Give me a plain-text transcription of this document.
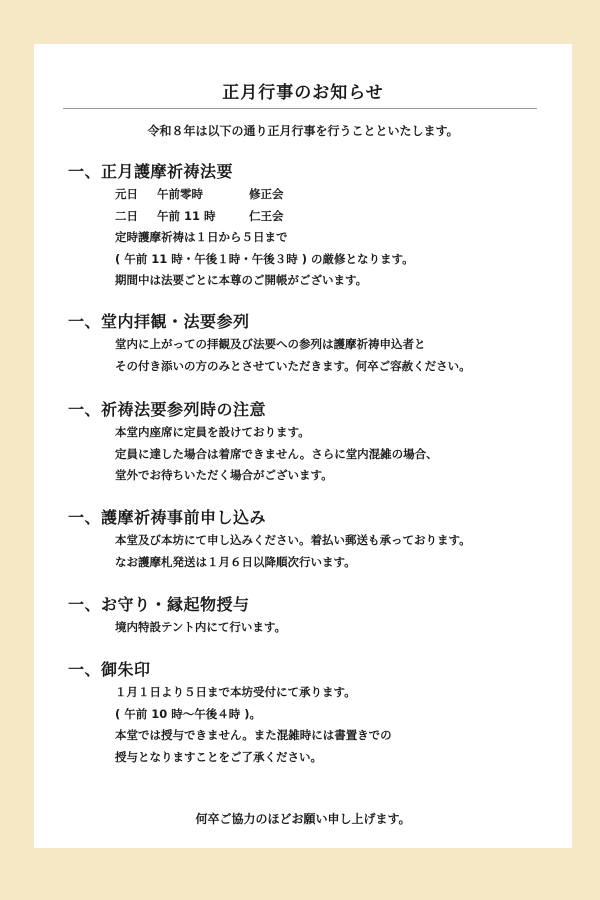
正月行事のお知らせ
令和８年は以下の通り正月行事を行うことといたします。
一、正月護摩祈祷法要
元日	午前零時	修正会
二日	午前 11 時	仁王会
定時護摩祈祷は１日から５日まで
( 午前 11 時・午後１時・午後３時 ) の厳修となります。
期間中は法要ごとに本尊のご開帳がございます。
一、堂内拝観・法要参列
堂内に上がっての拝観及び法要への参列は護摩祈祷申込者と
その付き添いの方のみとさせていただきます。何卒ご容赦ください。
一、祈祷法要参列時の注意
本堂内座席に定員を設けております。
定員に達した場合は着席できません。さらに堂内混雑の場合、
堂外でお待ちいただく場合がございます。
一、護摩祈祷事前申し込み
本堂及び本坊にて申し込みください。着払い郵送も承っております。
なお護摩札発送は１月６日以降順次行います。
一、お守り・縁起物授与
境内特設テント内にて行います。
一、御朱印
１月１日より５日まで本坊受付にて承ります。
( 午前 10 時〜午後４時 )。
本堂では授与できません。また混雑時には書置きでの
授与となりますことをご了承ください。
何卒ご協力のほどお願い申し上げます。
